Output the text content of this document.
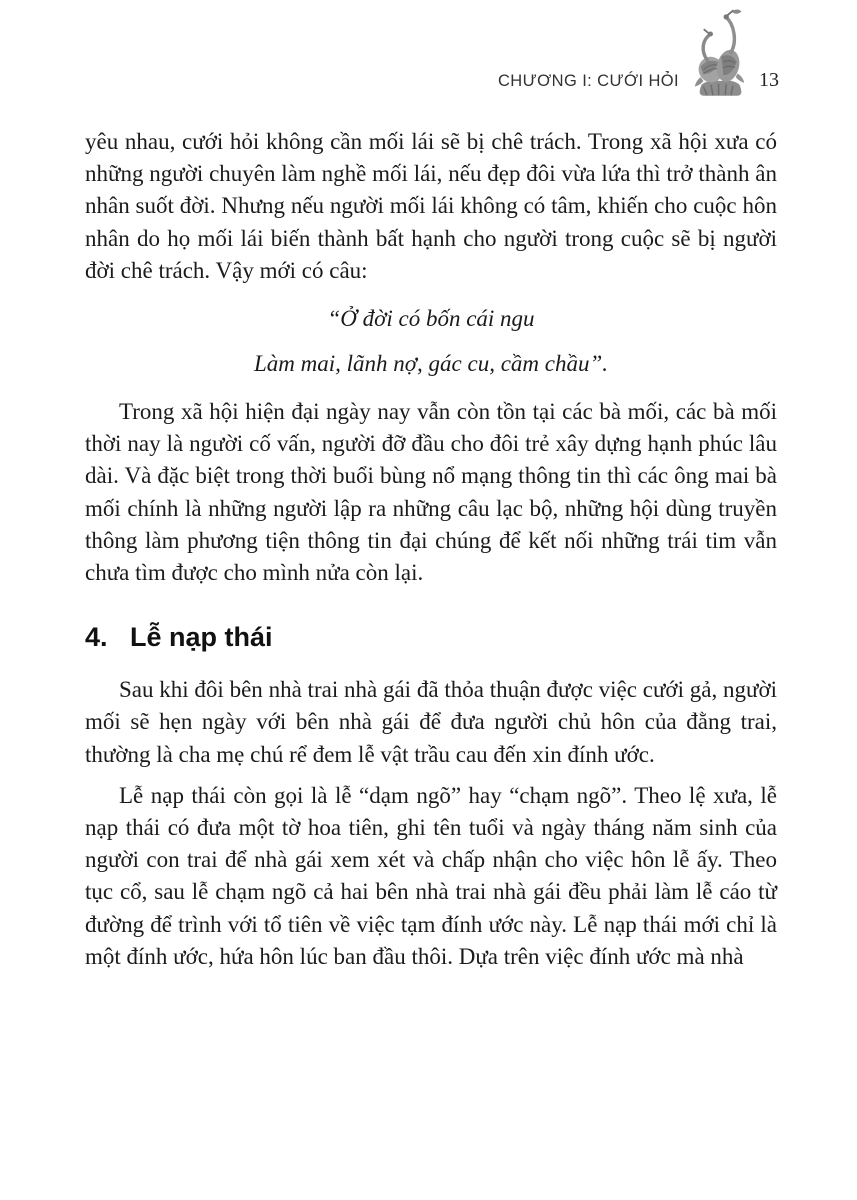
CHƯƠNG I: CƯỚI HỎI	13

yêu nhau, cưới hỏi không cần mối lái sẽ bị chê trách. Trong xã hội xưa có những người chuyên làm nghề mối lái, nếu đẹp đôi vừa lứa thì trở thành ân nhân suốt đời. Nhưng nếu người mối lái không có tâm, khiến cho cuộc hôn nhân do họ mối lái biến thành bất hạnh cho người trong cuộc sẽ bị người đời chê trách. Vậy mới có câu:

“Ở đời có bốn cái ngu
Làm mai, lãnh nợ, gác cu, cầm chầu”.

Trong xã hội hiện đại ngày nay vẫn còn tồn tại các bà mối, các bà mối thời nay là người cố vấn, người đỡ đầu cho đôi trẻ xây dựng hạnh phúc lâu dài. Và đặc biệt trong thời buổi bùng nổ mạng thông tin thì các ông mai bà mối chính là những người lập ra những câu lạc bộ, những hội dùng truyền thông làm phương tiện thông tin đại chúng để kết nối những trái tim vẫn chưa tìm được cho mình nửa còn lại.

4. Lễ nạp thái

Sau khi đôi bên nhà trai nhà gái đã thỏa thuận được việc cưới gả, người mối sẽ hẹn ngày với bên nhà gái để đưa người chủ hôn của đằng trai, thường là cha mẹ chú rể đem lễ vật trầu cau đến xin đính ước.

Lễ nạp thái còn gọi là lễ “dạm ngõ” hay “chạm ngõ”. Theo lệ xưa, lễ nạp thái có đưa một tờ hoa tiên, ghi tên tuổi và ngày tháng năm sinh của người con trai để nhà gái xem xét và chấp nhận cho việc hôn lễ ấy. Theo tục cổ, sau lễ chạm ngõ cả hai bên nhà trai nhà gái đều phải làm lễ cáo từ đường để trình với tổ tiên về việc tạm đính ước này. Lễ nạp thái mới chỉ là một đính ước, hứa hôn lúc ban đầu thôi. Dựa trên việc đính ước mà nhà
